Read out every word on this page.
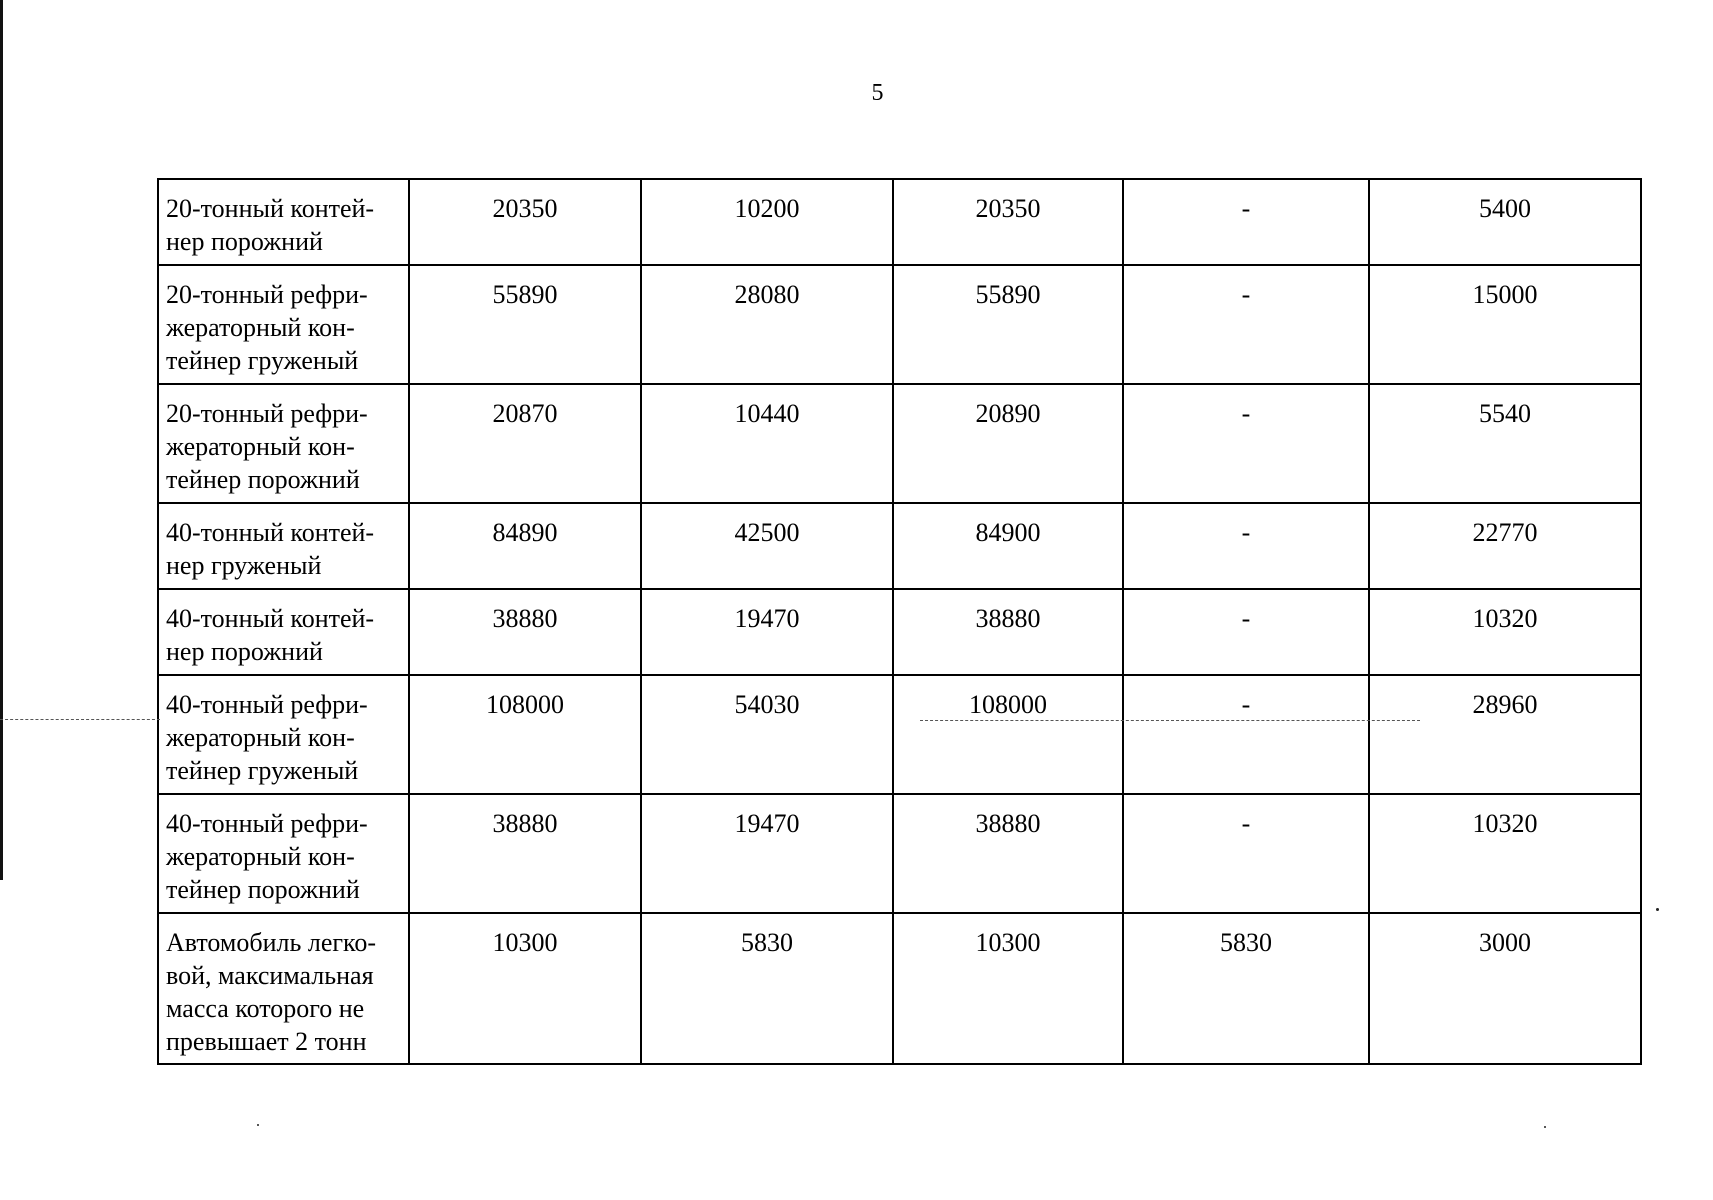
5
20-тонный контей-нер порожний	20350	10200	20350	-	5400
20-тонный рефри-жераторный кон-тейнер груженый	55890	28080	55890	-	15000
20-тонный рефри-жераторный кон-тейнер порожний	20870	10440	20890	-	5540
40-тонный контей-нер груженый	84890	42500	84900	-	22770
40-тонный контей-нер порожний	38880	19470	38880	-	10320
40-тонный рефри-жераторный кон-тейнер груженый	108000	54030	108000	-	28960
40-тонный рефри-жераторный кон-тейнер порожний	38880	19470	38880	-	10320
Автомобиль легко-вой, максимальная масса которого не превышает 2 тонн	10300	5830	10300	5830	3000
